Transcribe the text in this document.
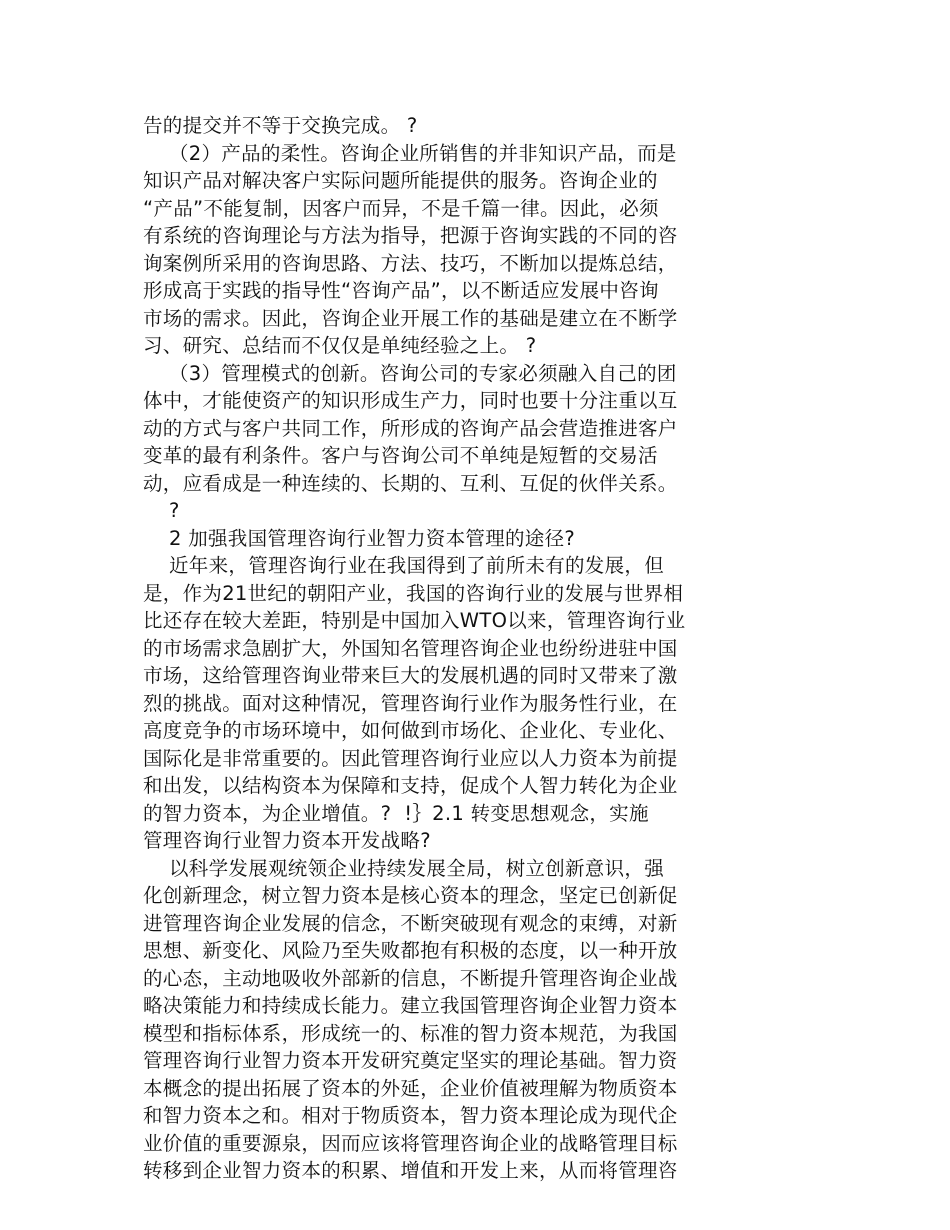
告的提交并不等于交换完成。 ?
（2）产品的柔性。咨询企业所销售的并非知识产品，而是
知识产品对解决客户实际问题所能提供的服务。咨询企业的
“产品”不能复制，因客户而异，不是千篇一律。因此，必须
有系统的咨询理论与方法为指导，把源于咨询实践的不同的咨
询案例所采用的咨询思路、方法、技巧，不断加以提炼总结，
形成高于实践的指导性“咨询产品”，以不断适应发展中咨询
市场的需求。因此，咨询企业开展工作的基础是建立在不断学
习、研究、总结而不仅仅是单纯经验之上。 ?
（3）管理模式的创新。咨询公司的专家必须融入自己的团
体中，才能使资产的知识形成生产力，同时也要十分注重以互
动的方式与客户共同工作，所形成的咨询产品会营造推进客户
变革的最有利条件。客户与咨询公司不单纯是短暂的交易活
动，应看成是一种连续的、长期的、互利、互促的伙伴关系。
?
2 加强我国管理咨询行业智力资本管理的途径?
近年来，管理咨询行业在我国得到了前所未有的发展，但
是，作为21世纪的朝阳产业，我国的咨询行业的发展与世界相
比还存在较大差距，特别是中国加入WTO以来，管理咨询行业
的市场需求急剧扩大，外国知名管理咨询企业也纷纷进驻中国
市场，这给管理咨询业带来巨大的发展机遇的同时又带来了激
烈的挑战。面对这种情况，管理咨询行业作为服务性行业，在
高度竞争的市场环境中，如何做到市场化、企业化、专业化、
国际化是非常重要的。因此管理咨询行业应以人力资本为前提
和出发，以结构资本为保障和支持，促成个人智力转化为企业
的智力资本，为企业增值。?  !｝2.1 转变思想观念，实施
管理咨询行业智力资本开发战略?
以科学发展观统领企业持续发展全局，树立创新意识，强
化创新理念，树立智力资本是核心资本的理念，坚定已创新促
进管理咨询企业发展的信念，不断突破现有观念的束缚，对新
思想、新变化、风险乃至失败都抱有积极的态度，以一种开放
的心态，主动地吸收外部新的信息，不断提升管理咨询企业战
略决策能力和持续成长能力。建立我国管理咨询企业智力资本
模型和指标体系，形成统一的、标准的智力资本规范，为我国
管理咨询行业智力资本开发研究奠定坚实的理论基础。智力资
本概念的提出拓展了资本的外延，企业价值被理解为物质资本
和智力资本之和。相对于物质资本，智力资本理论成为现代企
业价值的重要源泉，因而应该将管理咨询企业的战略管理目标
转移到企业智力资本的积累、增值和开发上来，从而将管理咨
